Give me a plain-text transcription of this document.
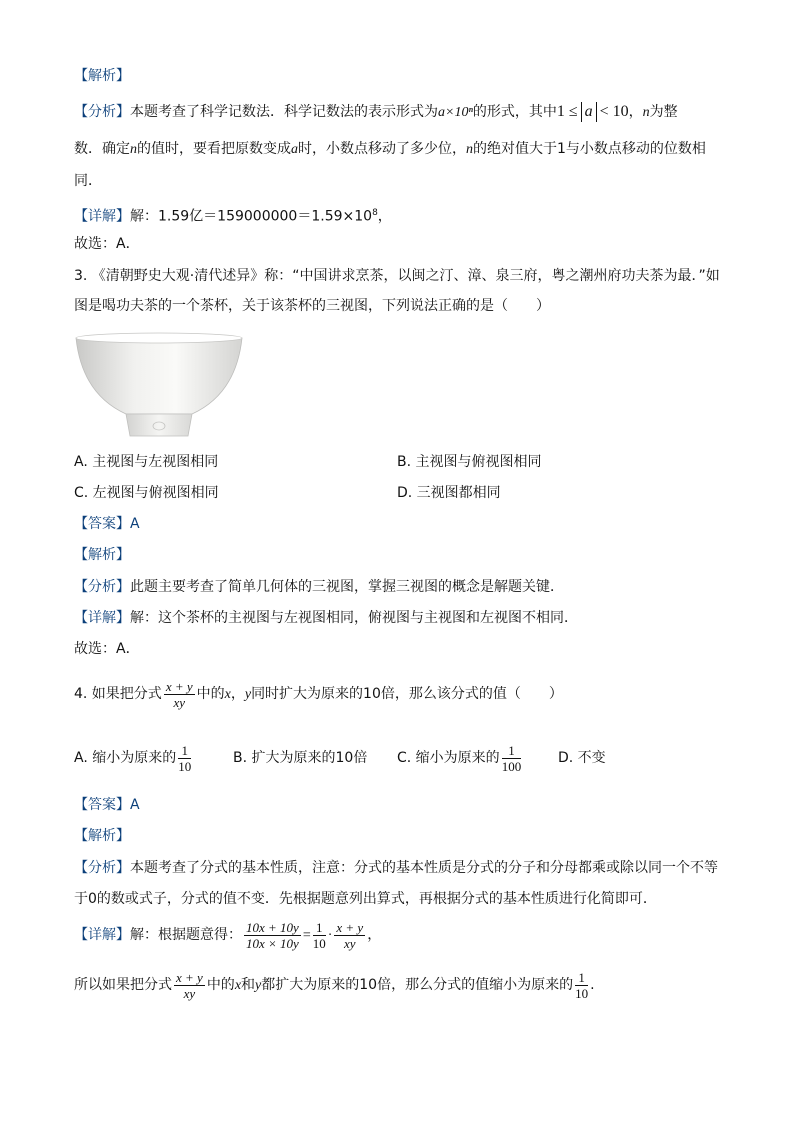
【解析】
【分析】本题考查了科学记数法．科学记数法的表示形式为a×10ⁿ的形式，其中1 ≤ a < 10，n为整
数．确定n的值时，要看把原数变成a时，小数点移动了多少位，n的绝对值大于1与小数点移动的位数相
同．
【详解】解：1.59亿$=159000000=1.59\times 10^8$，
故选：A．
3. 《清朝野史大观·清代述异》称：“中国讲求烹茶，以闽之汀、漳、泉三府，粤之潮州府功夫茶为最．”如
图是喝功夫茶的一个茶杯，关于该茶杯的三视图，下列说法正确的是（　　）
A. 主视图与左视图相同	B. 主视图与俯视图相同
C. 左视图与俯视图相同	D. 三视图都相同
【答案】A
【解析】
【分析】此题主要考查了简单几何体的三视图，掌握三视图的概念是解题关键．
【详解】解：这个茶杯的主视图与左视图相同，俯视图与主视图和左视图不相同．
故选：A．
4. 如果把分式 $\frac{x + y}{xy}$ 中的x，y同时扩大为原来的10倍，那么该分式的值（　　）
A. 缩小为原来的 $\frac{1}{10}$	B. 扩大为原来的10倍 C. 缩小为原来的 $\frac{1}{100}$	D. 不变
【答案】A
【解析】
【分析】本题考查了分式的基本性质，注意：分式的基本性质是分式的分子和分母都乘或除以同一个不等
于0的数或式子，分式的值不变．先根据题意列出算式，再根据分式的基本性质进行化简即可．
【详解】解：根据题意得： $\frac{10x + 10y}{10x \times 10y} = \frac{1}{10} \cdot \frac{x + y}{xy}$ ，
所以如果把分式 $\frac{x + y}{xy}$ 中的x和y都扩大为原来的10倍，那么分式的值缩小为原来的 $\frac{1}{10}$ .
